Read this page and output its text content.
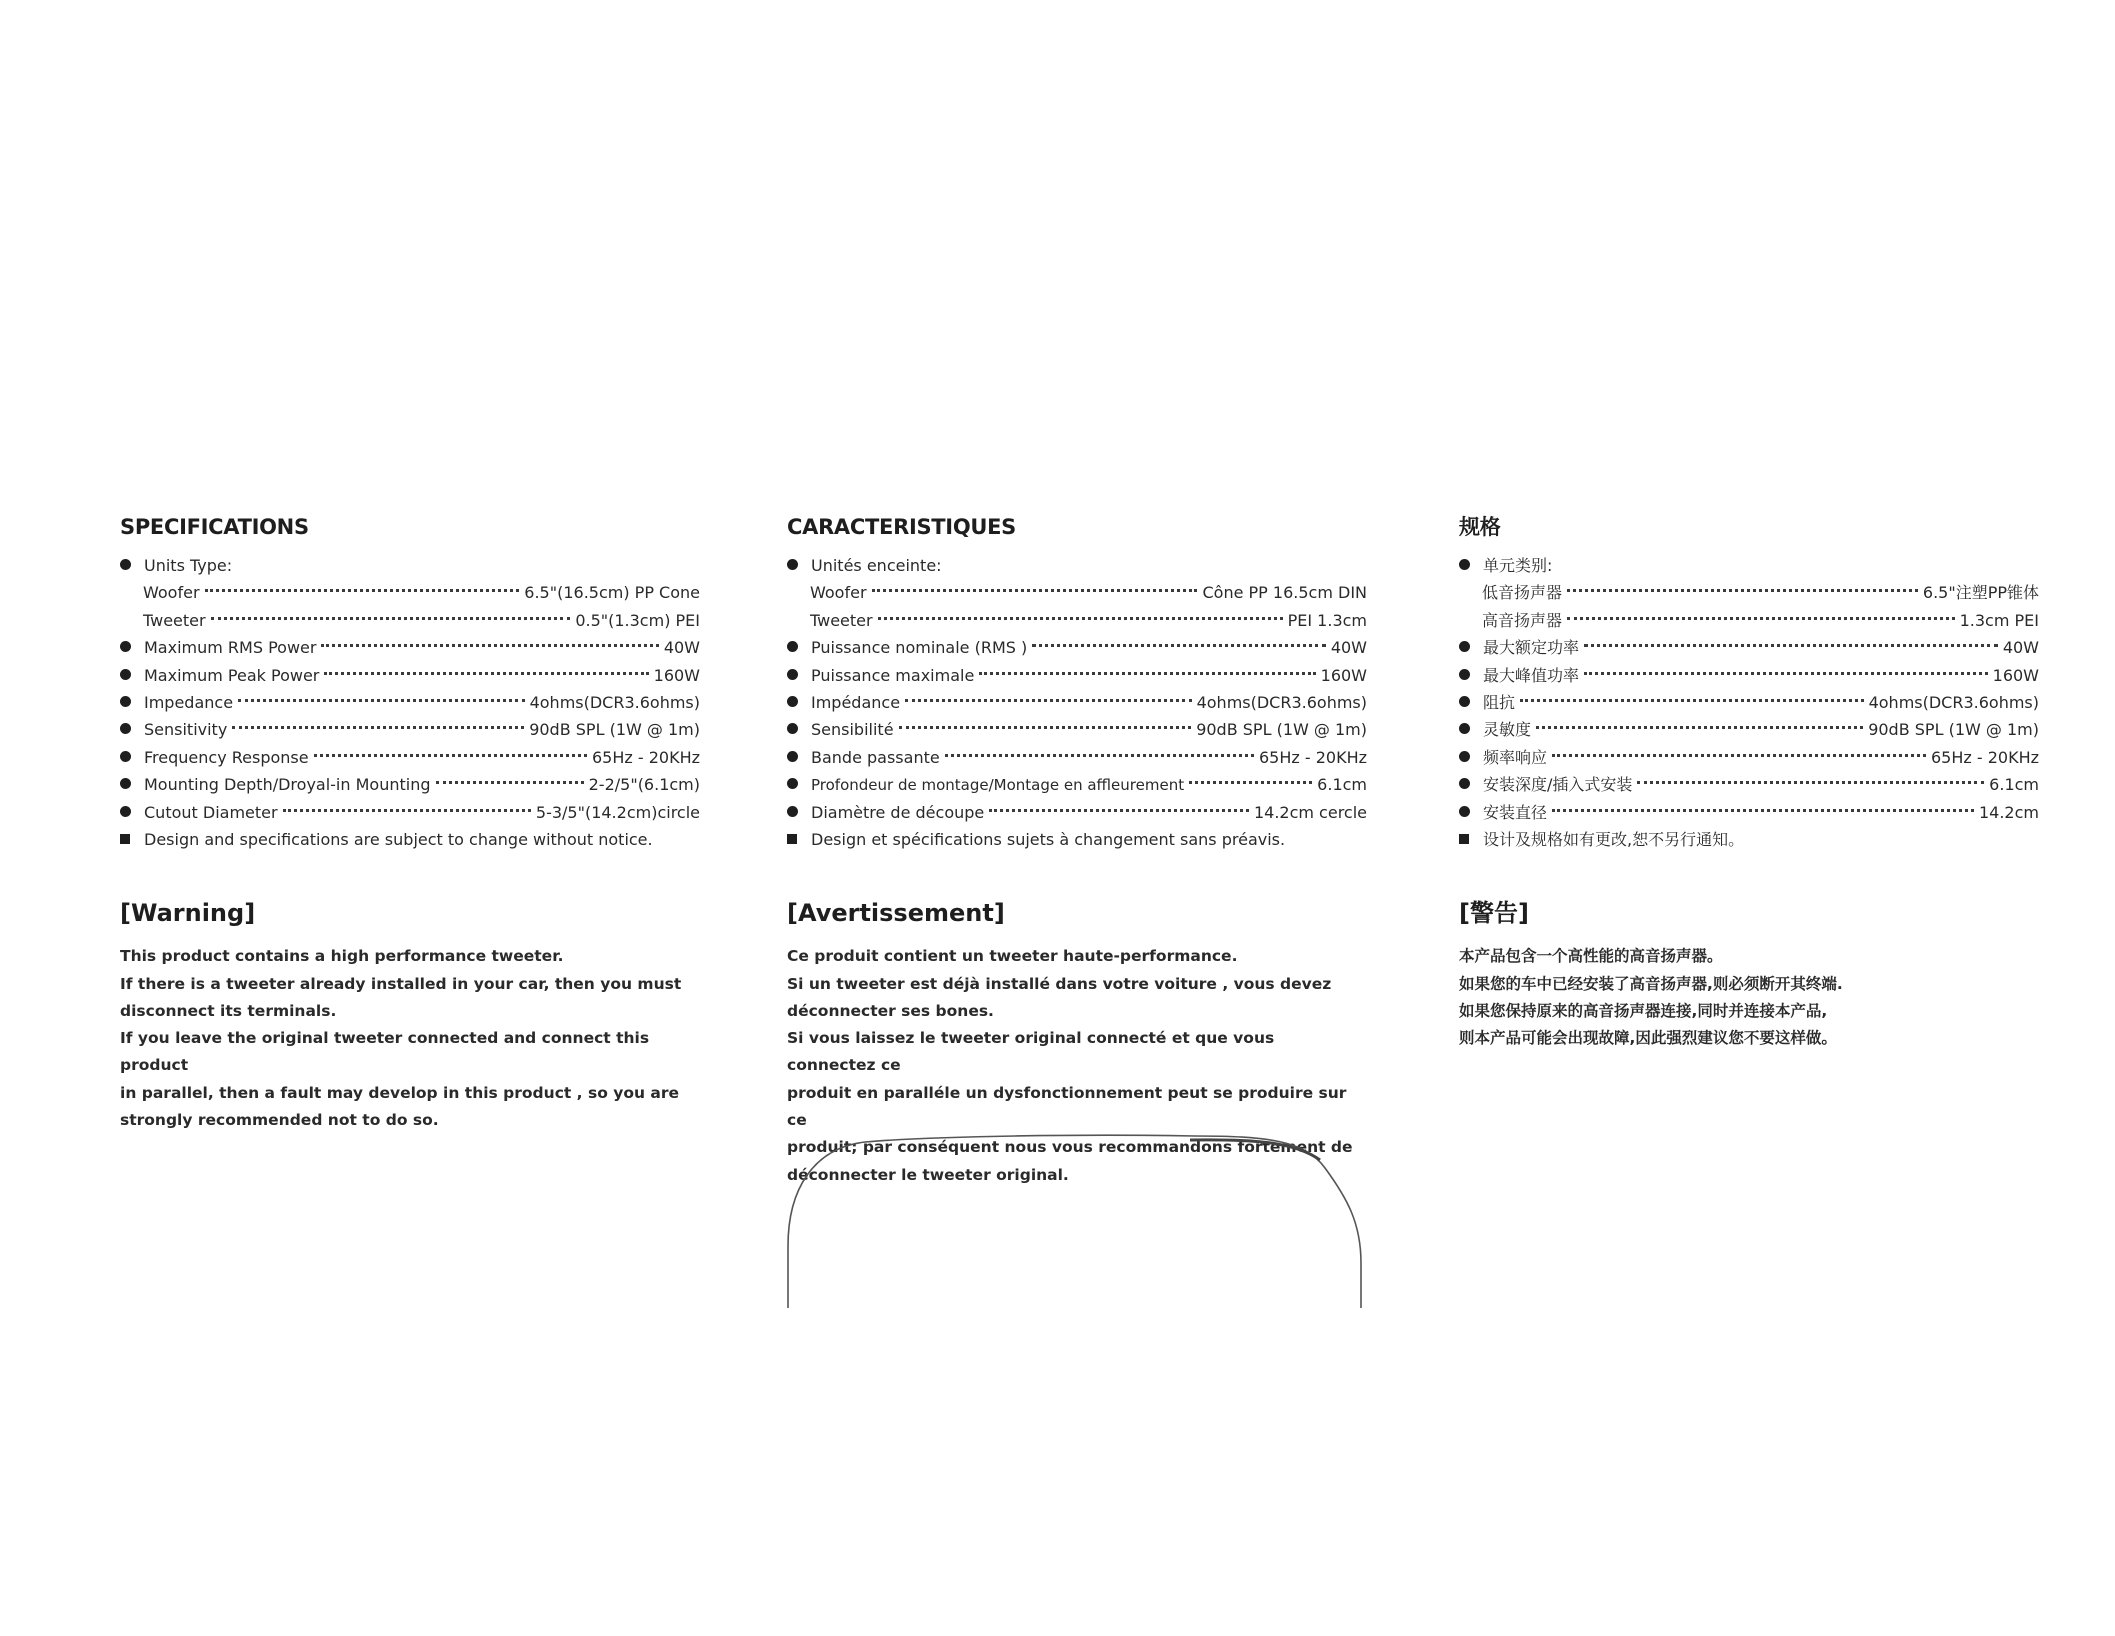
SPECIFICATIONS
Units Type:
Woofer	6.5"(16.5cm) PP Cone
Tweeter	0.5"(1.3cm) PEI
Maximum RMS Power	40W
Maximum Peak Power	160W
Impedance	4ohms(DCR3.6ohms)
Sensitivity	90dB SPL (1W @ 1m)
Frequency Response	65Hz - 20KHz
Mounting Depth/Droyal-in Mounting	2-2/5"(6.1cm)
Cutout Diameter	5-3/5"(14.2cm)circle
Design and specifications are subject to change without notice.
[Warning]

This product contains a high performance tweeter.

If there is a tweeter already installed in your car, then you must

disconnect its terminals.

If you leave the original tweeter connected and connect this product

in parallel, then a fault may develop in this product , so you are

strongly recommended not to do so.

CARACTERISTIQUES
Unités enceinte:
Woofer	Cône PP 16.5cm DIN
Tweeter	PEI 1.3cm
Puissance nominale (RMS )	40W
Puissance maximale	160W
Impédance	4ohms(DCR3.6ohms)
Sensibilité	90dB SPL (1W @ 1m)
Bande passante	65Hz - 20KHz
Profondeur de montage/Montage en affleurement	6.1cm
Diamètre de découpe	14.2cm cercle
Design et spécifications sujets à changement sans préavis.
[Avertissement]

Ce produit contient un tweeter haute-performance.

Si un tweeter est déjà installé dans votre voiture , vous devez

déconnecter ses bones.

Si vous laissez le tweeter original connecté et que vous connectez ce

produit en paralléle un dysfonctionnement peut se produire sur ce

produit; par conséquent nous vous recommandons fortement de

déconnecter le tweeter original.

规格
单元类别:
低音扬声器	6.5"注塑PP锥体
高音扬声器	1.3cm PEI
最大额定功率	40W
最大峰值功率	160W
阻抗	4ohms(DCR3.6ohms)
灵敏度	90dB SPL (1W @ 1m)
频率响应	65Hz - 20KHz
安装深度/插入式安装	6.1cm
安装直径	14.2cm
设计及规格如有更改,恕不另行通知。
[警告]

本产品包含一个高性能的高音扬声器。

如果您的车中已经安装了高音扬声器,则必须断开其终端.

如果您保持原来的高音扬声器连接,同时并连接本产品,

则本产品可能会出现故障,因此强烈建议您不要这样做。
